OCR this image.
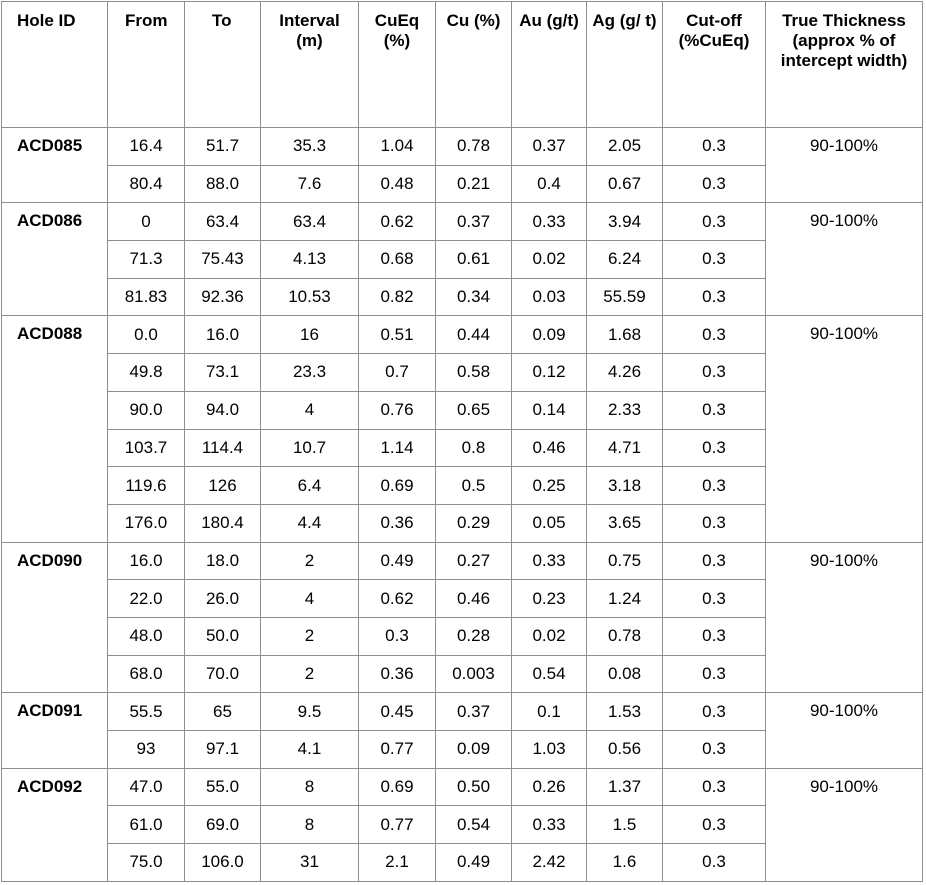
Hole ID	From	To	Interval (m)	CuEq (%)	Cu (%)	Au (g/t)	Ag (g/ t)	Cut-off (%CuEq)	True Thickness (approx % of intercept width)
ACD085	16.4	51.7	35.3	1.04	0.78	0.37	2.05	0.3	90-100%
	80.4	88.0	7.6	0.48	0.21	0.4	0.67	0.3	
ACD086	0	63.4	63.4	0.62	0.37	0.33	3.94	0.3	90-100%
	71.3	75.43	4.13	0.68	0.61	0.02	6.24	0.3	
	81.83	92.36	10.53	0.82	0.34	0.03	55.59	0.3	
ACD088	0.0	16.0	16	0.51	0.44	0.09	1.68	0.3	90-100%
	49.8	73.1	23.3	0.7	0.58	0.12	4.26	0.3	
	90.0	94.0	4	0.76	0.65	0.14	2.33	0.3	
	103.7	114.4	10.7	1.14	0.8	0.46	4.71	0.3	
	119.6	126	6.4	0.69	0.5	0.25	3.18	0.3	
	176.0	180.4	4.4	0.36	0.29	0.05	3.65	0.3	
ACD090	16.0	18.0	2	0.49	0.27	0.33	0.75	0.3	90-100%
	22.0	26.0	4	0.62	0.46	0.23	1.24	0.3	
	48.0	50.0	2	0.3	0.28	0.02	0.78	0.3	
	68.0	70.0	2	0.36	0.003	0.54	0.08	0.3	
ACD091	55.5	65	9.5	0.45	0.37	0.1	1.53	0.3	90-100%
	93	97.1	4.1	0.77	0.09	1.03	0.56	0.3	
ACD092	47.0	55.0	8	0.69	0.50	0.26	1.37	0.3	90-100%
	61.0	69.0	8	0.77	0.54	0.33	1.5	0.3	
	75.0	106.0	31	2.1	0.49	2.42	1.6	0.3	
